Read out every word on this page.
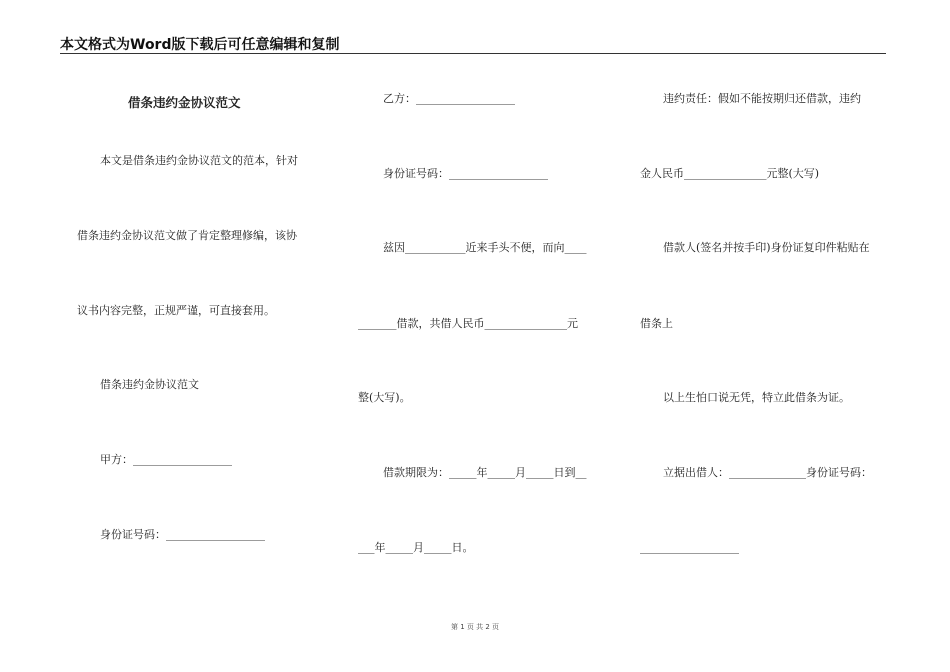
本文格式为Word版下载后可任意编辑和复制
借条违约金协议范文
本文是借条违约金协议范文的范本，针对
借条违约金协议范文做了肯定整理修编，该协
议书内容完整，正规严谨，可直接套用。
借条违约金协议范文
甲方：__________________
身份证号码：__________________
乙方：__________________
身份证号码：__________________
兹因___________近来手头不便，而向____
_______借款，共借人民币_______________元
整(大写)。
借款期限为：_____年_____月_____日到__
___年_____月_____日。
违约责任：假如不能按期归还借款，违约
金人民币_______________元整(大写)
借款人(签名并按手印)身份证复印件粘贴在
借条上
以上生怕口说无凭，特立此借条为证。
立据出借人：______________身份证号码：
__________________
第 1 页 共 2 页
